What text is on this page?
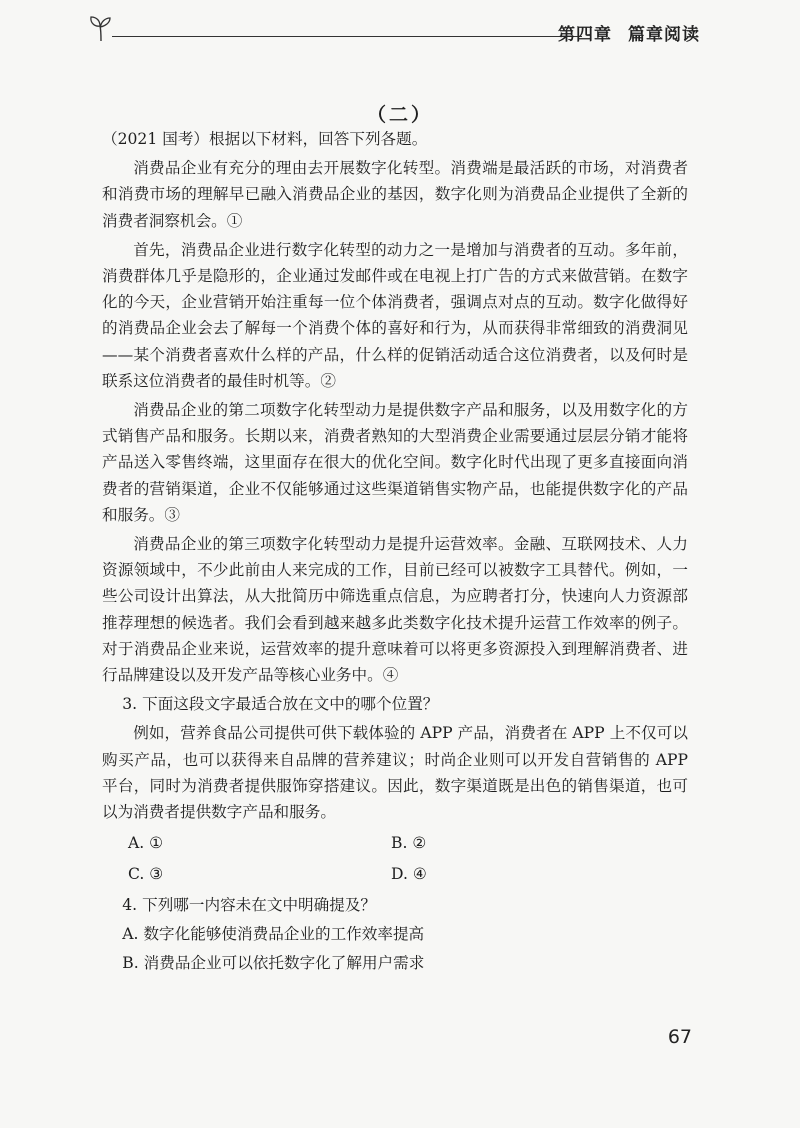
第四章 篇章阅读
（二）

（2021 国考）根据以下材料，回答下列各题。

消费品企业有充分的理由去开展数字化转型。消费端是最活跃的市场，对消费者和消费市场的理解早已融入消费品企业的基因，数字化则为消费品企业提供了全新的消费者洞察机会。①

首先，消费品企业进行数字化转型的动力之一是增加与消费者的互动。多年前，消费群体几乎是隐形的，企业通过发邮件或在电视上打广告的方式来做营销。在数字化的今天，企业营销开始注重每一位个体消费者，强调点对点的互动。数字化做得好的消费品企业会去了解每一个消费个体的喜好和行为，从而获得非常细致的消费洞见——某个消费者喜欢什么样的产品，什么样的促销活动适合这位消费者，以及何时是联系这位消费者的最佳时机等。②

消费品企业的第二项数字化转型动力是提供数字产品和服务，以及用数字化的方式销售产品和服务。长期以来，消费者熟知的大型消费企业需要通过层层分销才能将产品送入零售终端，这里面存在很大的优化空间。数字化时代出现了更多直接面向消费者的营销渠道，企业不仅能够通过这些渠道销售实物产品，也能提供数字化的产品和服务。③

消费品企业的第三项数字化转型动力是提升运营效率。金融、互联网技术、人力资源领域中，不少此前由人来完成的工作，目前已经可以被数字工具替代。例如，一些公司设计出算法，从大批简历中筛选重点信息，为应聘者打分，快速向人力资源部推荐理想的候选者。我们会看到越来越多此类数字化技术提升运营工作效率的例子。对于消费品企业来说，运营效率的提升意味着可以将更多资源投入到理解消费者、进行品牌建设以及开发产品等核心业务中。④

3. 下面这段文字最适合放在文中的哪个位置？

例如，营养食品公司提供可供下载体验的 APP 产品，消费者在 APP 上不仅可以购买产品，也可以获得来自品牌的营养建议；时尚企业则可以开发自营销售的 APP 平台，同时为消费者提供服饰穿搭建议。因此，数字渠道既是出色的销售渠道，也可以为消费者提供数字产品和服务。

A. ①	B. ②
C. ③	D. ④

4. 下列哪一内容未在文中明确提及？

A. 数字化能够使消费品企业的工作效率提高

B. 消费品企业可以依托数字化了解用户需求

67
